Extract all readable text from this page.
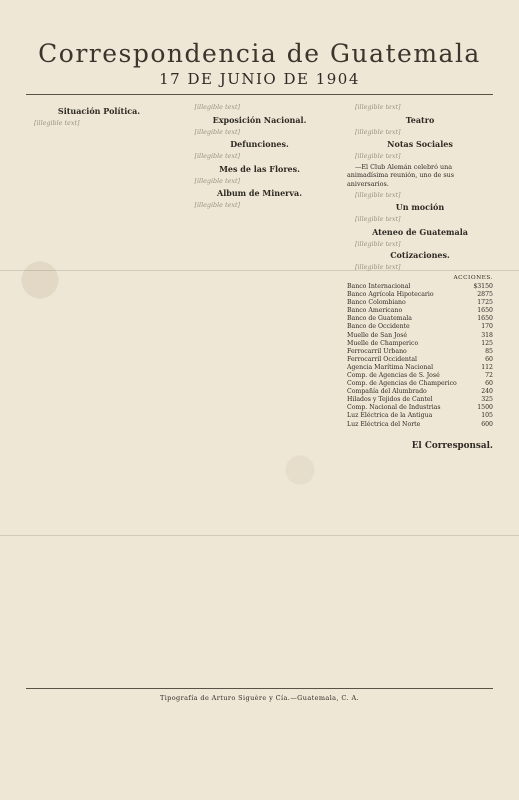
Correspondencia de Guatemala
17 DE JUNIO DE 1904
Situación Política.

[illegible text]

[illegible text]

Exposición Nacional.

[illegible text]

Defunciones.

[illegible text]

Mes de las Flores.

[illegible text]

Album de Minerva.

[illegible text]

[illegible text]

Teatro

[illegible text]

Notas Sociales

[illegible text]

—El Club Alemán celebró una animadísima reunión, uno de sus aniversarios.

[illegible text]

Un moción

[illegible text]

Ateneo de Guatemala

[illegible text]

Cotizaciones.

[illegible text]

ACCIONES.
Banco Internacional	$3150
Banco Agrícola Hipotecario	2875
Banco Colombiano	1725
Banco Americano	1650
Banco de Guatemala	1650
Banco de Occidente	170
Muelle de San José	318
Muelle de Champerico	125
Ferrocarril Urbano	85
Ferrocarril Occidental	60
Agencia Marítima Nacional	112
Comp. de Agencias de S. José	72
Comp. de Agencias de Champerico	60
Compañía del Alumbrado	240
Hilados y Tejidos de Cantel	325
Comp. Nacional de Industrias	1500
Luz Eléctrica de la Antigua	105
Luz Eléctrica del Norte	600
El Corresponsal.
Tipografía de Arturo Siguère y Cía.—Guatemala, C. A.
